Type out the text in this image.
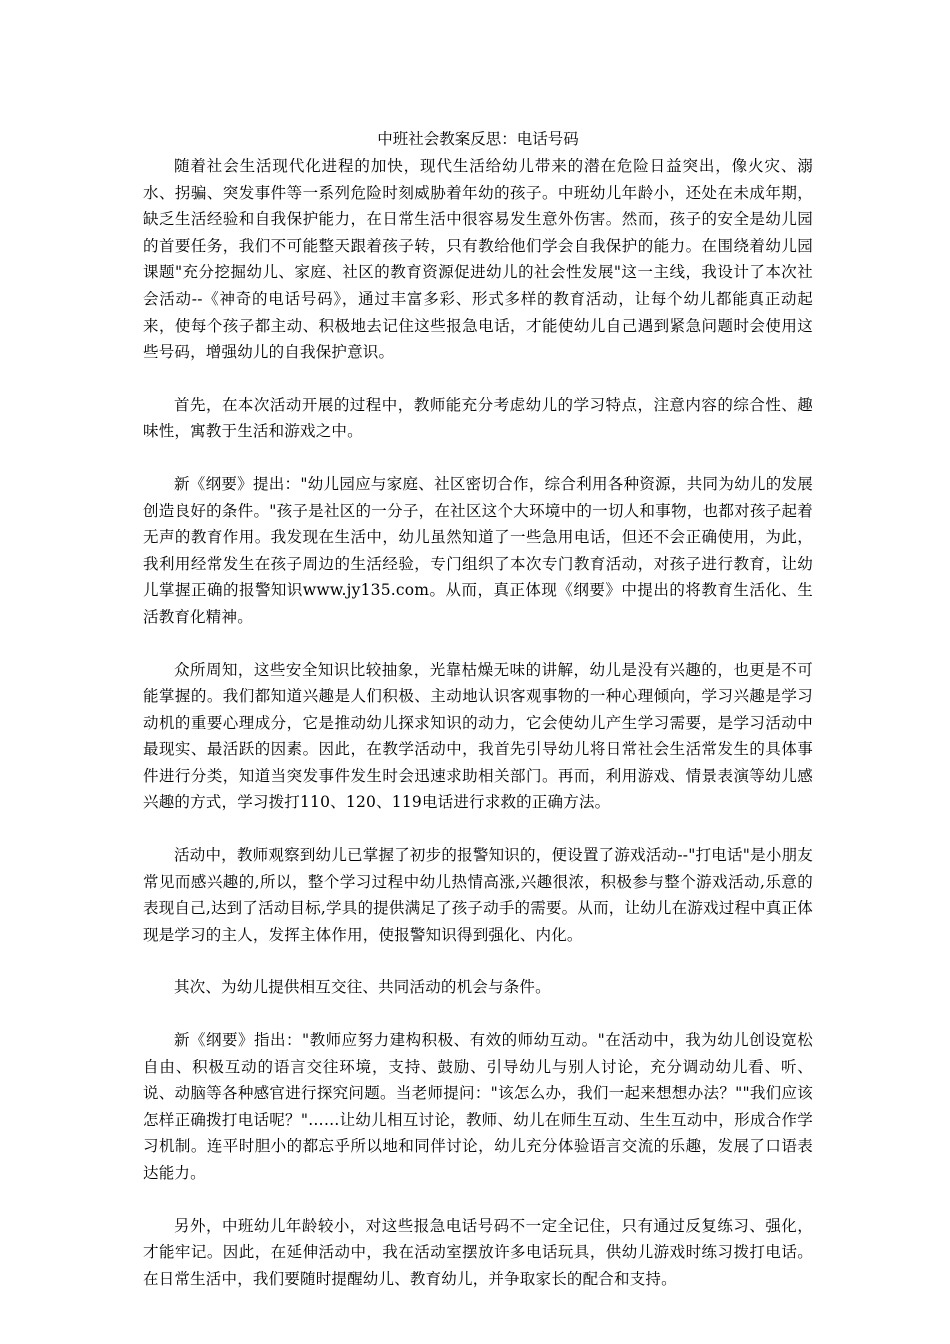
中班社会教案反思：电话号码

随着社会生活现代化进程的加快，现代生活给幼儿带来的潜在危险日益突出，像火灾、溺水、拐骗、突发事件等一系列危险时刻威胁着年幼的孩子。中班幼儿年龄小，还处在未成年期，缺乏生活经验和自我保护能力，在日常生活中很容易发生意外伤害。然而，孩子的安全是幼儿园的首要任务，我们不可能整天跟着孩子转，只有教给他们学会自我保护的能力。在围绕着幼儿园课题"充分挖掘幼儿、家庭、社区的教育资源促进幼儿的社会性发展"这一主线，我设计了本次社会活动--《神奇的电话号码》，通过丰富多彩、形式多样的教育活动，让每个幼儿都能真正动起来，使每个孩子都主动、积极地去记住这些报急电话，才能使幼儿自己遇到紧急问题时会使用这些号码，增强幼儿的自我保护意识。

首先，在本次活动开展的过程中，教师能充分考虑幼儿的学习特点，注意内容的综合性、趣味性，寓教于生活和游戏之中。

新《纲要》提出："幼儿园应与家庭、社区密切合作，综合利用各种资源，共同为幼儿的发展创造良好的条件。"孩子是社区的一分子，在社区这个大环境中的一切人和事物，也都对孩子起着无声的教育作用。我发现在生活中，幼儿虽然知道了一些急用电话，但还不会正确使用，为此，我利用经常发生在孩子周边的生活经验，专门组织了本次专门教育活动，对孩子进行教育，让幼儿掌握正确的报警知识www.jy135.com。从而，真正体现《纲要》中提出的将教育生活化、生活教育化精神。

众所周知，这些安全知识比较抽象，光靠枯燥无味的讲解，幼儿是没有兴趣的，也更是不可能掌握的。我们都知道兴趣是人们积极、主动地认识客观事物的一种心理倾向，学习兴趣是学习动机的重要心理成分，它是推动幼儿探求知识的动力，它会使幼儿产生学习需要，是学习活动中最现实、最活跃的因素。因此，在教学活动中，我首先引导幼儿将日常社会生活常发生的具体事件进行分类，知道当突发事件发生时会迅速求助相关部门。再而，利用游戏、情景表演等幼儿感兴趣的方式，学习拨打110、120、119电话进行求救的正确方法。

活动中，教师观察到幼儿已掌握了初步的报警知识的，便设置了游戏活动--"打电话"是小朋友常见而感兴趣的,所以，整个学习过程中幼儿热情高涨,兴趣很浓，积极参与整个游戏活动,乐意的表现自己,达到了活动目标,学具的提供满足了孩子动手的需要。从而，让幼儿在游戏过程中真正体现是学习的主人，发挥主体作用，使报警知识得到强化、内化。

其次、为幼儿提供相互交往、共同活动的机会与条件。

新《纲要》指出："教师应努力建构积极、有效的师幼互动。"在活动中，我为幼儿创设宽松自由、积极互动的语言交往环境，支持、鼓励、引导幼儿与别人讨论，充分调动幼儿看、听、说、动脑等各种感官进行探究问题。当老师提问："该怎么办，我们一起来想想办法？""我们应该怎样正确拨打电话呢？"……让幼儿相互讨论，教师、幼儿在师生互动、生生互动中，形成合作学习机制。连平时胆小的都忘乎所以地和同伴讨论，幼儿充分体验语言交流的乐趣，发展了口语表达能力。

另外，中班幼儿年龄较小，对这些报急电话号码不一定全记住，只有通过反复练习、强化，才能牢记。因此，在延伸活动中，我在活动室摆放许多电话玩具，供幼儿游戏时练习拨打电话。在日常生活中，我们要随时提醒幼儿、教育幼儿，并争取家长的配合和支持。
